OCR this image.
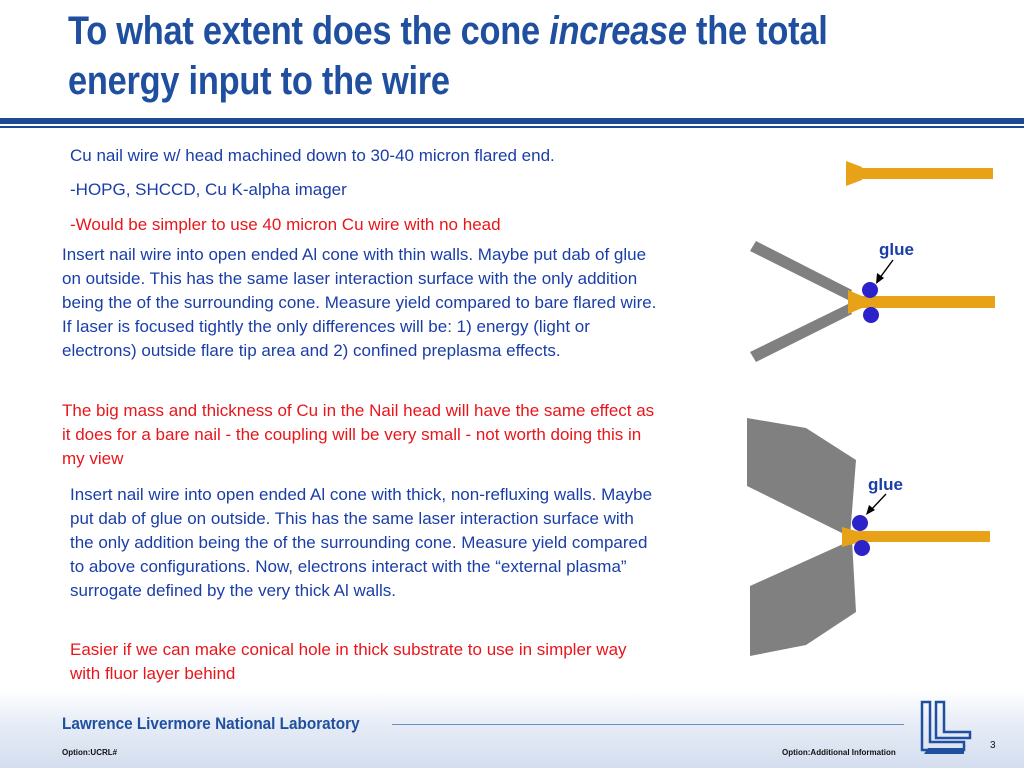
To what extent does the cone increase the total energy input to the wire

Cu nail wire w/ head machined down to 30-40 micron flared end.

-HOPG, SHCCD, Cu K-alpha imager

-Would be simpler to use 40 micron Cu wire with no head

Insert nail wire into open ended Al cone with thin walls. Maybe put dab of glue on outside. This has the same laser interaction surface with the only addition being the of the surrounding cone. Measure yield compared to bare flared wire. If laser is focused tightly the only differences will be: 1) energy (light or electrons) outside flare tip area and 2) confined preplasma effects.

The big mass and thickness of Cu in the Nail head will have the same effect as it does for a bare nail - the coupling will be very small - not worth doing this in my view

Insert nail wire into open ended Al cone with thick, non-refluxing walls. Maybe put dab of glue on outside. This has the same laser interaction surface with the only addition being the of the surrounding cone. Measure yield compared to above configurations. Now, electrons interact with the “external plasma” surrogate defined by the very thick Al walls.

Easier if we can make conical hole in thick substrate to use in simpler way with fluor layer behind

glue
glue
Lawrence Livermore National Laboratory
Option:UCRL#	Option:Additional Information
3
